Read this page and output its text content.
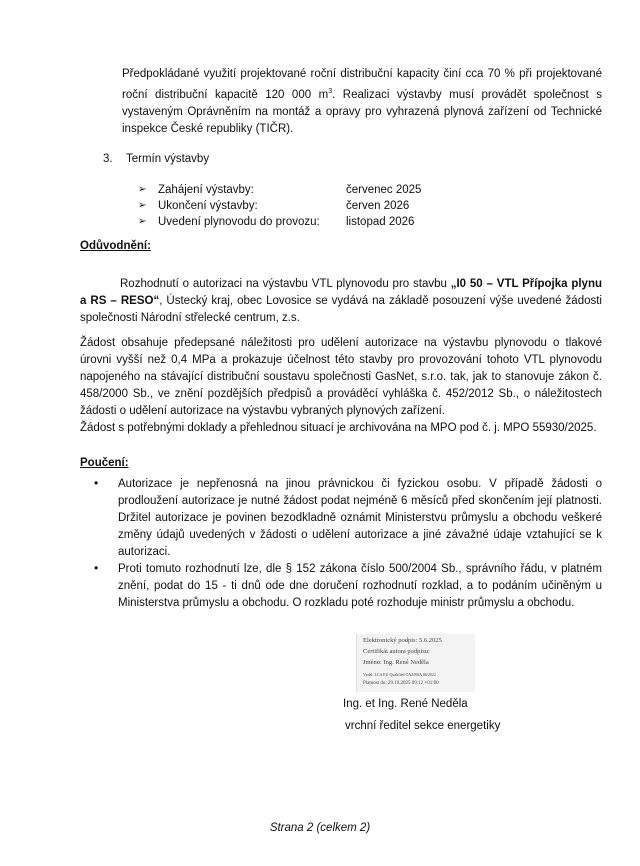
Předpokládané využití projektované roční distribuční kapacity činí cca 70 % při projektované roční distribuční kapacitě 120 000 $m^3$. Realizaci výstavby musí provádět společnost s vystaveným Oprávněním na montáž a opravy pro vyhrazená plynová zařízení od Technické inspekce České republiky (TIČR).

3. Termín výstavby
➢	Zahájení výstavby:	červenec 2025
➢	Ukončení výstavby:	červen 2026
➢	Uvedení plynovodu do provozu:	listopad 2026
Odůvodnění:

Rozhodnutí o autorizaci na výstavbu VTL plynovodu pro stavbu „I0 50 – VTL Přípojka plynu a RS – RESO“, Ústecký kraj, obec Lovosice se vydává na základě posouzení výše uvedené žádosti společnosti Národní střelecké centrum, z.s.

Žádost obsahuje předepsané náležitosti pro udělení autorizace na výstavbu plynovodu o tlakové úrovni vyšší než 0,4 MPa a prokazuje účelnost této stavby pro provozování tohoto VTL plynovodu napojeného na stávající distribuční soustavu společnosti GasNet, s.r.o. tak, jak to stanovuje zákon č. 458/2000 Sb., ve znění pozdějších předpisů a prováděcí vyhláška č. 452/2012 Sb., o náležitostech žádosti o udělení autorizace na výstavbu vybraných plynových zařízení.

Žádost s potřebnými doklady a přehlednou situací je archivována na MPO pod č. j. MPO 55930/2025.

Poučení:
•	Autorizace je nepřenosná na jinou právnickou či fyzickou osobu. V případě žádosti o prodloužení autorizace je nutné žádost podat nejméně 6 měsíců před skončením její platnosti. Držitel autorizace je povinen bezodkladně oznámit Ministerstvu průmyslu a obchodu veškeré změny údajů uvedených v žádosti o udělení autorizace a jiné závažné údaje vztahující se k autorizaci.

•	Proti tomuto rozhodnutí lze, dle § 152 zákona číslo 500/2004 Sb., správního řádu, v platném znění, podat do 15 - ti dnů ode dne doručení rozhodnutí rozklad, a to podáním učiněným u Ministerstva průmyslu a obchodu. O rozkladu poté rozhoduje ministr průmyslu a obchodu.

Elektronický podpis: 5.6.2025
Certifikát autora podpisu:
Jméno: Ing. René Neděla
Vydal: I.CA EU Qualified CA2/RSA 06/2022
Platnost do: 29.10.2025 09:12 +01:00
Ing. et Ing. René Neděla
vrchní ředitel sekce energetiky
Strana 2 (celkem 2)
